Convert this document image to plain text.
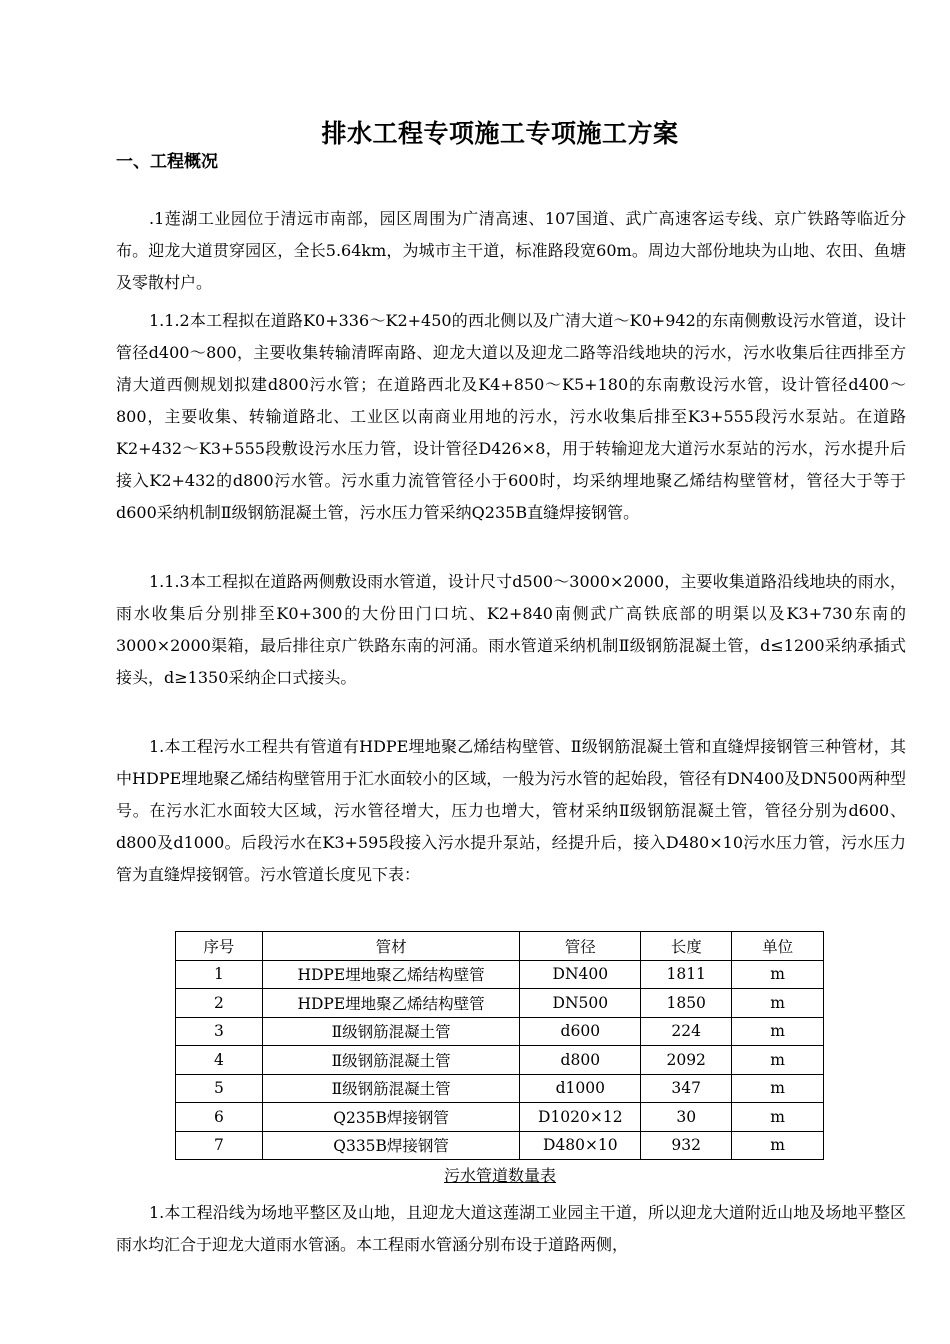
排水工程专项施工专项施工方案
一、工程概况

.1莲湖工业园位于清远市南部，园区周围为广清高速、107国道、武广高速客运专线、京广铁路等临近分布。迎龙大道贯穿园区，全长5.64km，为城市主干道，标准路段宽60m。周边大部份地块为山地、农田、鱼塘及零散村户。

1.1.2本工程拟在道路K0+336～K2+450的西北侧以及广清大道～K0+942的东南侧敷设污水管道，设计管径d400～800，主要收集转输清晖南路、迎龙大道以及迎龙二路等沿线地块的污水，污水收集后往西排至方清大道西侧规划拟建d800污水管；在道路西北及K4+850～K5+180的东南敷设污水管，设计管径d400～800，主要收集、转输道路北、工业区以南商业用地的污水，污水收集后排至K3+555段污水泵站。在道路K2+432～K3+555段敷设污水压力管，设计管径D426×8，用于转输迎龙大道污水泵站的污水，污水提升后接入K2+432的d800污水管。污水重力流管管径小于600时，均采纳埋地聚乙烯结构壁管材，管径大于等于d600采纳机制Ⅱ级钢筋混凝土管，污水压力管采纳Q235B直缝焊接钢管。

1.1.3本工程拟在道路两侧敷设雨水管道，设计尺寸d500～3000×2000，主要收集道路沿线地块的雨水，雨水收集后分别排至K0+300的大份田门口坑、K2+840南侧武广高铁底部的明渠以及K3+730东南的3000×2000渠箱，最后排往京广铁路东南的河涌。雨水管道采纳机制Ⅱ级钢筋混凝土管，d≤1200采纳承插式接头，d≥1350采纳企口式接头。

1.本工程污水工程共有管道有HDPE埋地聚乙烯结构壁管、Ⅱ级钢筋混凝土管和直缝焊接钢管三种管材，其中HDPE埋地聚乙烯结构壁管用于汇水面较小的区域，一般为污水管的起始段，管径有DN400及DN500两种型号。在污水汇水面较大区域，污水管径增大，压力也增大，管材采纳Ⅱ级钢筋混凝土管，管径分别为d600、d800及d1000。后段污水在K3+595段接入污水提升泵站，经提升后，接入D480×10污水压力管，污水压力管为直缝焊接钢管。污水管道长度见下表：

序号	管材	管径	长度	单位
1	HDPE埋地聚乙烯结构壁管	DN400	1811	m
2	HDPE埋地聚乙烯结构壁管	DN500	1850	m
3	Ⅱ级钢筋混凝土管	d600	224	m
4	Ⅱ级钢筋混凝土管	d800	2092	m
5	Ⅱ级钢筋混凝土管	d1000	347	m
6	Q235B焊接钢管	D1020×12	30	m
7	Q335B焊接钢管	D480×10	932	m
污水管道数量表

1.本工程沿线为场地平整区及山地，且迎龙大道这莲湖工业园主干道，所以迎龙大道附近山地及场地平整区雨水均汇合于迎龙大道雨水管涵。本工程雨水管涵分别布设于道路两侧，
